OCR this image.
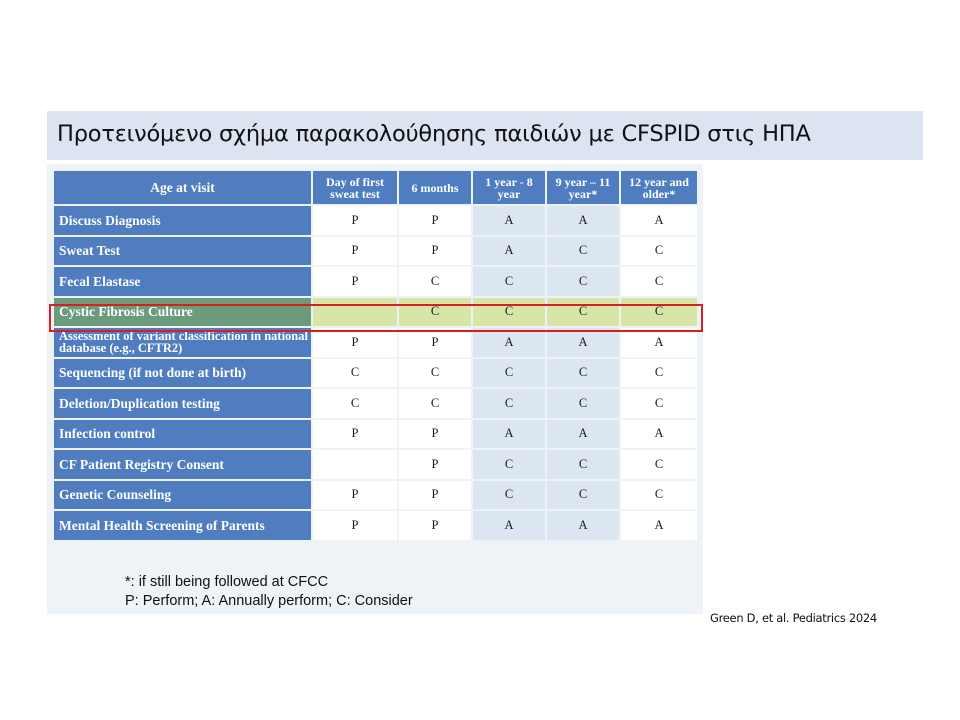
Προτεινόμενο σχήμα παρακολούθησης παιδιών με CFSPID στις ΗΠΑ
Age at visit	Day of first sweat test	6 months	1 year - 8 year	9 year – 11 year*	12 year and older*
Discuss Diagnosis	P	P	A	A	A
Sweat Test	P	P	A	C	C
Fecal Elastase	P	C	C	C	C
Cystic Fibrosis Culture		C	C	C	C
Assessment of variant classification in national database (e.g., CFTR2)	P	P	A	A	A
Sequencing (if not done at birth)	C	C	C	C	C
Deletion/Duplication testing	C	C	C	C	C
Infection control	P	P	A	A	A
CF Patient Registry Consent		P	C	C	C
Genetic Counseling	P	P	C	C	C
Mental Health Screening of Parents	P	P	A	A	A
*: if still being followed at CFCC
P: Perform; A: Annually perform; C: Consider
Green D, et al. Pediatrics 2024
